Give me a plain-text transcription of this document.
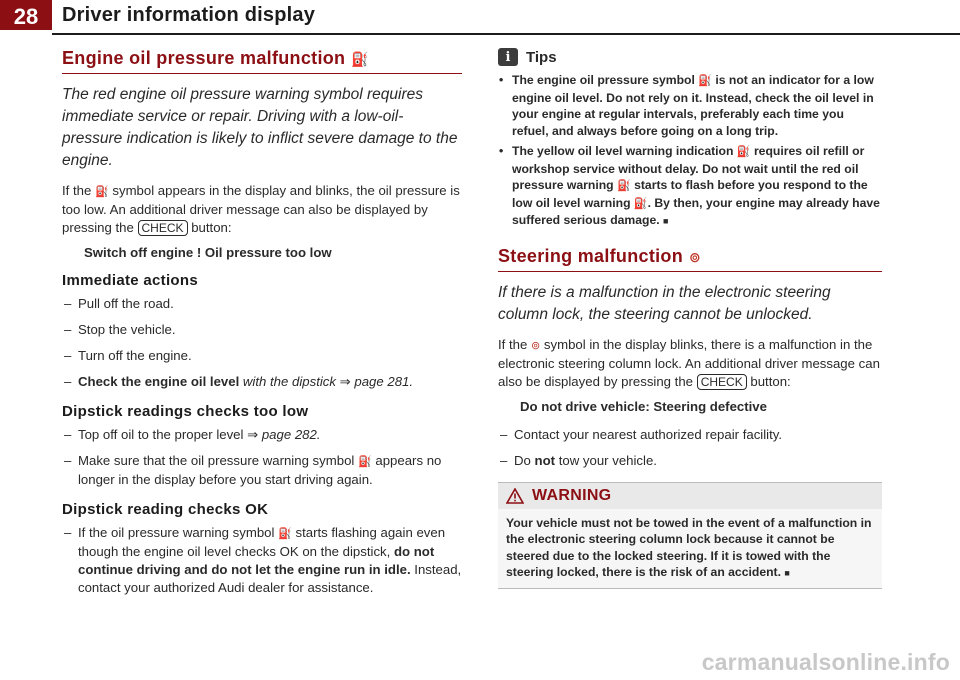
28	Driver information display
Engine oil pressure malfunction ⛽
The red engine oil pressure warning symbol requires immediate service or repair. Driving with a low-oil-pressure indication is likely to inflict severe damage to the engine.

If the ⛽ symbol appears in the display and blinks, the oil pressure is too low. An additional driver message can also be displayed by pressing the CHECK button:

Switch off engine ! Oil pressure too low
Immediate actions
– Pull off the road.
– Stop the vehicle.
– Turn off the engine.
– Check the engine oil level with the dipstick ⇒ page 281.
Dipstick readings checks too low
– Top off oil to the proper level ⇒ page 282.
– Make sure that the oil pressure warning symbol ⛽ appears no longer in the display before you start driving again.
Dipstick reading checks OK
– If the oil pressure warning symbol ⛽ starts flashing again even though the engine oil level checks OK on the dipstick, do not continue driving and do not let the engine run in idle. Instead, contact your authorized Audi dealer for assistance.
i	Tips
• The engine oil pressure symbol ⛽ is not an indicator for a low engine oil level. Do not rely on it. Instead, check the oil level in your engine at regular intervals, preferably each time you refuel, and always before going on a long trip.
• The yellow oil level warning indication ⛽ requires oil refill or workshop service without delay. Do not wait until the red oil pressure warning ⛽ starts to flash before you respond to the low oil level warning ⛽. By then, your engine may already have suffered serious damage. ■
Steering malfunction ⊚
If there is a malfunction in the electronic steering column lock, the steering cannot be unlocked.

If the ⊚ symbol in the display blinks, there is a malfunction in the electronic steering column lock. An additional driver message can also be displayed by pressing the CHECK button:

Do not drive vehicle: Steering defective
– Contact your nearest authorized repair facility.
– Do not tow your vehicle.
WARNING
Your vehicle must not be towed in the event of a malfunction in the electronic steering column lock because it cannot be steered due to the locked steering. If it is towed with the steering locked, there is the risk of an accident. ■
carmanualsonline.info
